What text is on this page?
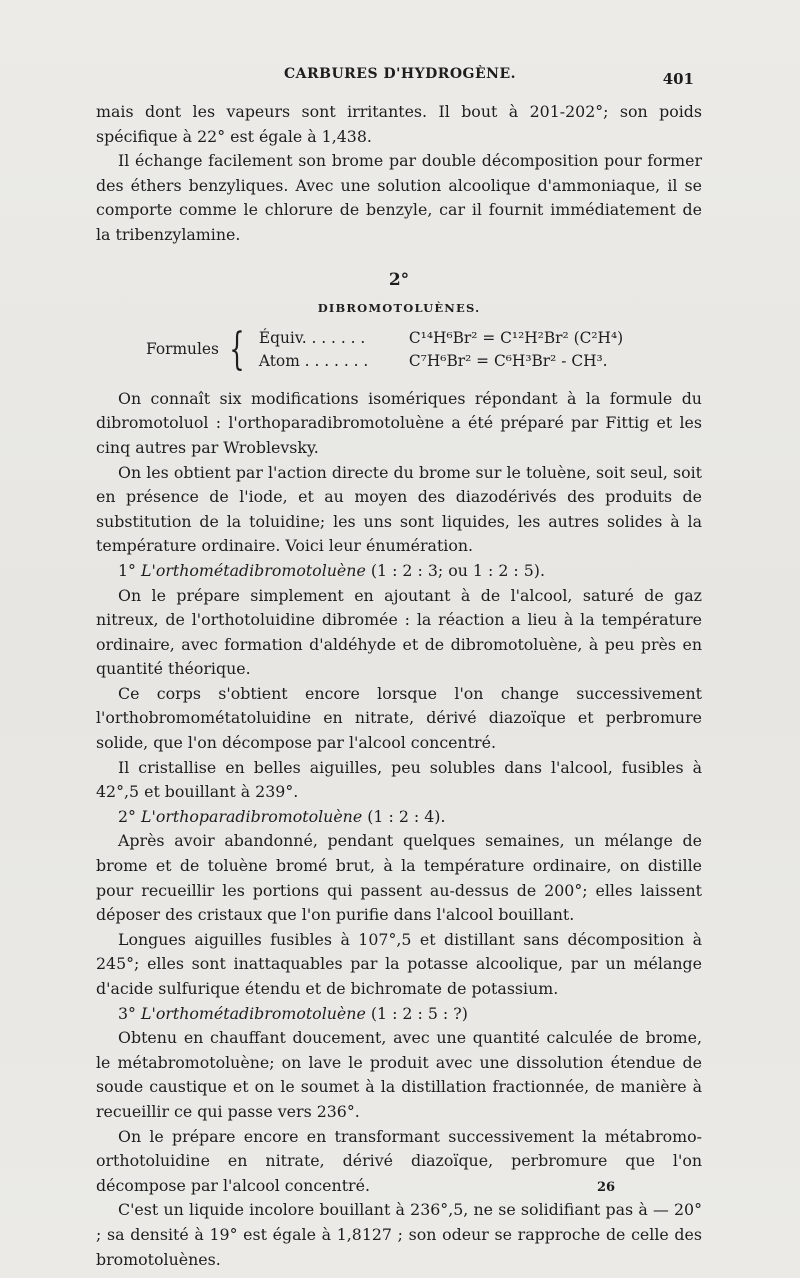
CARBURES D'HYDROGÈNE.	401

mais dont les vapeurs sont irritantes. Il bout à 201-202°; son poids spécifique à 22° est égale à 1,438.

Il échange facilement son brome par double décomposition pour former des éthers benzyliques. Avec une solution alcoolique d'ammoniaque, il se comporte comme le chlorure de benzyle, car il fournit immédiatement de la tribenzylamine.

2°
DIBROMOTOLUÈNES.
Formules { Équiv. . . . . . .	C¹⁴H⁶Br² = C¹²H²Br² (C²H⁴)
Atom . . . . . . .	C⁷H⁶Br² = C⁶H³Br² - CH³.

On connaît six modifications isomériques répondant à la formule du dibromotoluol : l'orthoparadibromotoluène a été préparé par Fittig et les cinq autres par Wroblevsky.

On les obtient par l'action directe du brome sur le toluène, soit seul, soit en présence de l'iode, et au moyen des diazodérivés des produits de substitution de la toluidine; les uns sont liquides, les autres solides à la température ordinaire. Voici leur énumération.

1° L'orthométadibromotoluène (1 : 2 : 3; ou 1 : 2 : 5).

On le prépare simplement en ajoutant à de l'alcool, saturé de gaz nitreux, de l'orthotoluidine dibromée : la réaction a lieu à la température ordinaire, avec formation d'aldéhyde et de dibromotoluène, à peu près en quantité théorique.

Ce corps s'obtient encore lorsque l'on change successivement l'orthobromométatoluidine en nitrate, dérivé diazoïque et perbromure solide, que l'on décompose par l'alcool concentré.

Il cristallise en belles aiguilles, peu solubles dans l'alcool, fusibles à 42°,5 et bouillant à 239°.

2° L'orthoparadibromotoluène (1 : 2 : 4).

Après avoir abandonné, pendant quelques semaines, un mélange de brome et de toluène bromé brut, à la température ordinaire, on distille pour recueillir les portions qui passent au-dessus de 200°; elles laissent déposer des cristaux que l'on purifie dans l'alcool bouillant.

Longues aiguilles fusibles à 107°,5 et distillant sans décomposition à 245°; elles sont inattaquables par la potasse alcoolique, par un mélange d'acide sulfurique étendu et de bichromate de potassium.

3° L'orthométadibromotoluène (1 : 2 : 5 : ?)

Obtenu en chauffant doucement, avec une quantité calculée de brome, le métabromotoluène; on lave le produit avec une dissolution étendue de soude caustique et on le soumet à la distillation fractionnée, de manière à recueillir ce qui passe vers 236°.

On le prépare encore en transformant successivement la métabromo-orthotoluidine en nitrate, dérivé diazoïque, perbromure que l'on décompose par l'alcool concentré.

C'est un liquide incolore bouillant à 236°,5, ne se solidifiant pas à — 20° ; sa densité à 19° est égale à 1,8127 ; son odeur se rapproche de celle des bromotoluènes.

26
